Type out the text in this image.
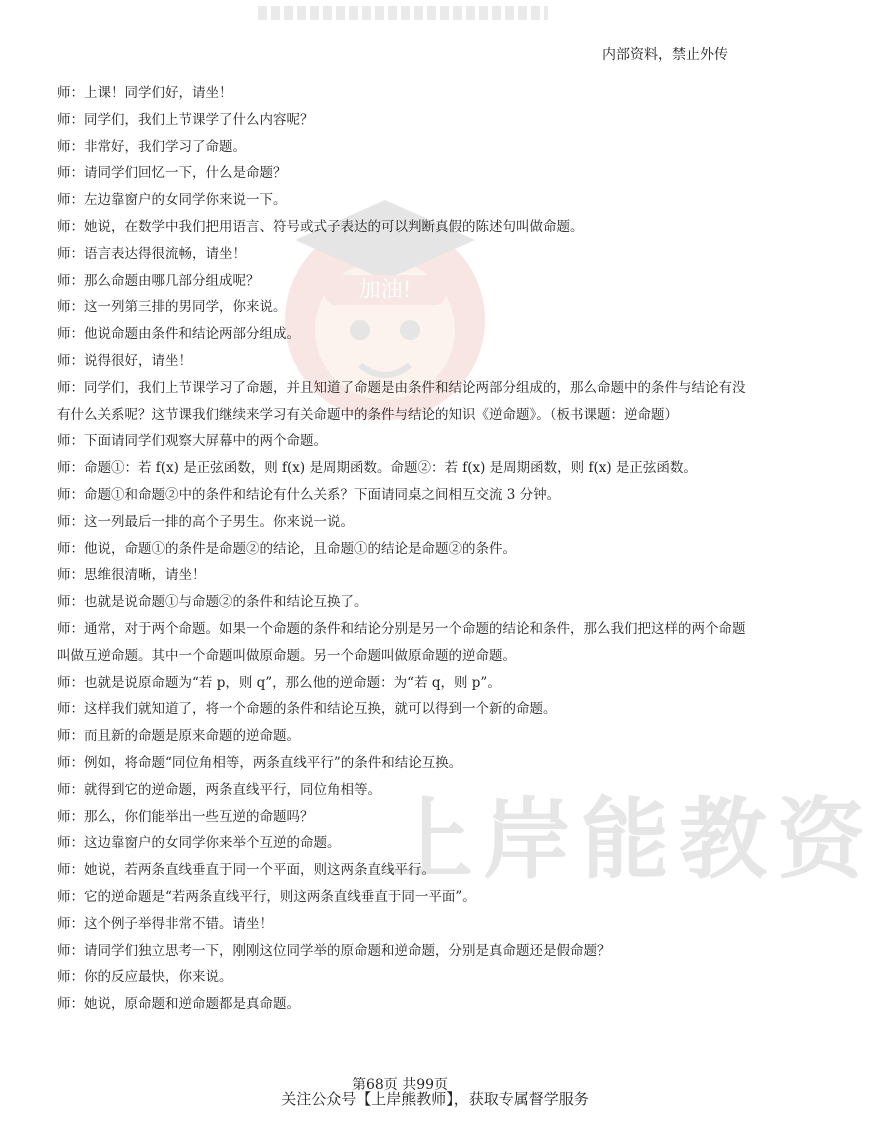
内部资料，禁止外传
加油!
上岸能教资
师：上课！同学们好，请坐！
师：同学们，我们上节课学了什么内容呢？
师：非常好，我们学习了命题。
师：请同学们回忆一下，什么是命题？
师：左边靠窗户的女同学你来说一下。
师：她说，在数学中我们把用语言、符号或式子表达的可以判断真假的陈述句叫做命题。
师：语言表达得很流畅，请坐！
师：那么命题由哪几部分组成呢？
师：这一列第三排的男同学，你来说。
师：他说命题由条件和结论两部分组成。
师：说得很好，请坐！
师：同学们，我们上节课学习了命题，并且知道了命题是由条件和结论两部分组成的，那么命题中的条件与结论有没有什么关系呢？这节课我们继续来学习有关命题中的条件与结论的知识《逆命题》。（板书课题：逆命题）
师：下面请同学们观察大屏幕中的两个命题。
师：命题①：若 f(x) 是正弦函数，则 f(x) 是周期函数。命题②：若 f(x) 是周期函数，则 f(x) 是正弦函数。
师：命题①和命题②中的条件和结论有什么关系？下面请同桌之间相互交流 3 分钟。
师：这一列最后一排的高个子男生。你来说一说。
师：他说，命题①的条件是命题②的结论，且命题①的结论是命题②的条件。
师：思维很清晰，请坐！
师：也就是说命题①与命题②的条件和结论互换了。
师：通常，对于两个命题。如果一个命题的条件和结论分别是另一个命题的结论和条件，那么我们把这样的两个命题叫做互逆命题。其中一个命题叫做原命题。另一个命题叫做原命题的逆命题。
师：也就是说原命题为“若 p，则 q”，那么他的逆命题：为“若 q，则 p”。
师：这样我们就知道了，将一个命题的条件和结论互换，就可以得到一个新的命题。
师：而且新的命题是原来命题的逆命题。
师：例如，将命题“同位角相等，两条直线平行”的条件和结论互换。
师：就得到它的逆命题，两条直线平行，同位角相等。
师：那么，你们能举出一些互逆的命题吗？
师：这边靠窗户的女同学你来举个互逆的命题。
师：她说，若两条直线垂直于同一个平面，则这两条直线平行。
师：它的逆命题是“若两条直线平行，则这两条直线垂直于同一平面”。
师：这个例子举得非常不错。请坐！
师：请同学们独立思考一下，刚刚这位同学举的原命题和逆命题，分别是真命题还是假命题？
师：你的反应最快，你来说。
师：她说，原命题和逆命题都是真命题。
第68页 共99页
关注公众号【上岸熊教师】，获取专属督学服务
